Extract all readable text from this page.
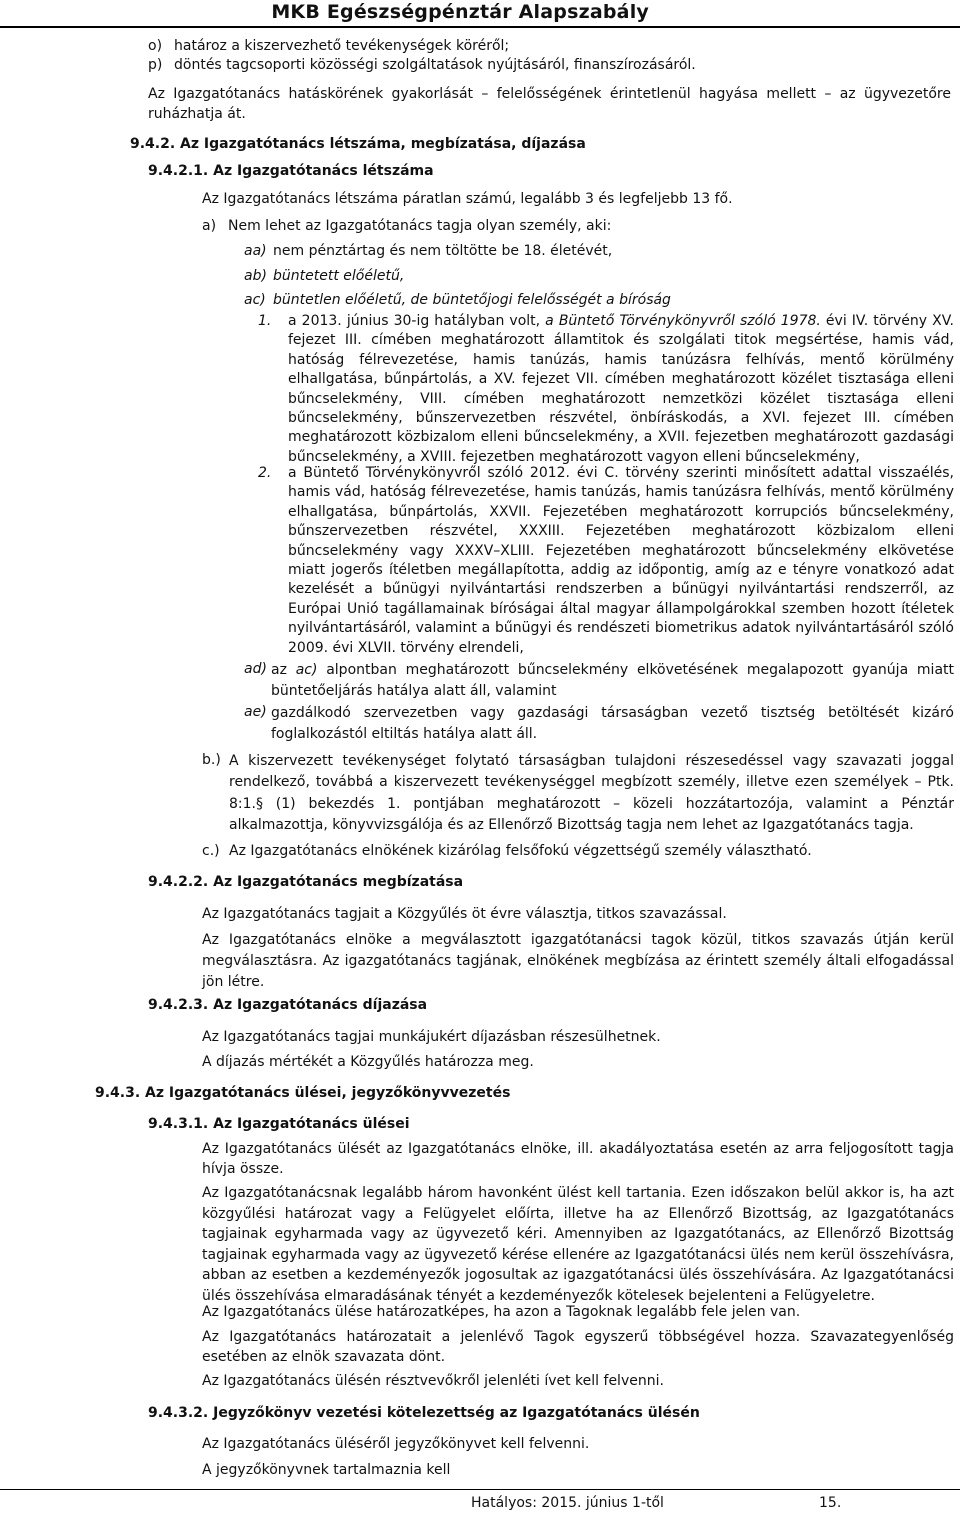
MKB Egészségpénztár Alapszabály
o) határoz a kiszervezhető tevékenységek köréről;
p) döntés tagcsoporti közösségi szolgáltatások nyújtásáról, finanszírozásáról.

Az Igazgatótanács hatáskörének gyakorlását – felelősségének érintetlenül hagyása mellett – az ügyvezetőre ruházhatja át.

9.4.2. Az Igazgatótanács létszáma, megbízatása, díjazása
9.4.2.1. Az Igazgatótanács létszáma

Az Igazgatótanács létszáma páratlan számú, legalább 3 és legfeljebb 13 fő.

a) Nem lehet az Igazgatótanács tagja olyan személy, aki:
aa) nem pénztártag és nem töltötte be 18. életévét,
ab) büntetett előéletű,
ac) büntetlen előéletű, de büntetőjogi felelősségét a bíróság
1. a 2013. június 30-ig hatályban volt, a Büntető Törvénykönyvről szóló 1978. évi IV. törvény XV. fejezet III. címében meghatározott államtitok és szolgálati titok megsértése, hamis vád, hatóság félrevezetése, hamis tanúzás, hamis tanúzásra felhívás, mentő körülmény elhallgatása, bűnpártolás, a XV. fejezet VII. címében meghatározott közélet tisztasága elleni bűncselekmény, VIII. címében meghatározott nemzetközi közélet tisztasága elleni bűncselekmény, bűnszervezetben részvétel, önbíráskodás, a XVI. fejezet III. címében meghatározott közbizalom elleni bűncselekmény, a XVII. fejezetben meghatározott gazdasági bűncselekmény, a XVIII. fejezetben meghatározott vagyon elleni bűncselekmény,

2. a Büntető Törvénykönyvről szóló 2012. évi C. törvény szerinti minősített adattal visszaélés, hamis vád, hatóság félrevezetése, hamis tanúzás, hamis tanúzásra felhívás, mentő körülmény elhallgatása, bűnpártolás, XXVII. Fejezetében meghatározott korrupciós bűncselekmény, bűnszervezetben részvétel, XXXIII. Fejezetében meghatározott közbizalom elleni bűncselekmény vagy XXXV–XLIII. Fejezetében meghatározott bűncselekmény elkövetése miatt jogerős ítéletben megállapította, addig az időpontig, amíg az e tényre vonatkozó adat kezelését a bűnügyi nyilvántartási rendszerben a bűnügyi nyilvántartási rendszerről, az Európai Unió tagállamainak bíróságai által magyar állampolgárokkal szemben hozott ítéletek nyilvántartásáról, valamint a bűnügyi és rendészeti biometrikus adatok nyilvántartásáról szóló 2009. évi XLVII. törvény elrendeli,

ad) az ac) alpontban meghatározott bűncselekmény elkövetésének megalapozott gyanúja miatt büntetőeljárás hatálya alatt áll, valamint

ae) gazdálkodó szervezetben vagy gazdasági társaságban vezető tisztség betöltését kizáró foglalkozástól eltiltás hatálya alatt áll.

b.) A kiszervezett tevékenységet folytató társaságban tulajdoni részesedéssel vagy szavazati joggal rendelkező, továbbá a kiszervezett tevékenységgel megbízott személy, illetve ezen személyek – Ptk. 8:1.§ (1) bekezdés 1. pontjában meghatározott – közeli hozzátartozója, valamint a Pénztár alkalmazottja, könyvvizsgálója és az Ellenőrző Bizottság tagja nem lehet az Igazgatótanács tagja.

c.) Az Igazgatótanács elnökének kizárólag felsőfokú végzettségű személy választható.
9.4.2.2. Az Igazgatótanács megbízatása

Az Igazgatótanács tagjait a Közgyűlés öt évre választja, titkos szavazással.

Az Igazgatótanács elnöke a megválasztott igazgatótanácsi tagok közül, titkos szavazás útján kerül megválasztásra. Az igazgatótanács tagjának, elnökének megbízása az érintett személy általi elfogadással jön létre.

9.4.2.3. Az Igazgatótanács díjazása

Az Igazgatótanács tagjai munkájukért díjazásban részesülhetnek.

A díjazás mértékét a Közgyűlés határozza meg.

9.4.3. Az Igazgatótanács ülései, jegyzőkönyvvezetés
9.4.3.1. Az Igazgatótanács ülései

Az Igazgatótanács ülését az Igazgatótanács elnöke, ill. akadályoztatása esetén az arra feljogosított tagja hívja össze.

Az Igazgatótanácsnak legalább három havonként ülést kell tartania. Ezen időszakon belül akkor is, ha azt közgyűlési határozat vagy a Felügyelet előírta, illetve ha az Ellenőrző Bizottság, az Igazgatótanács tagjainak egyharmada vagy az ügyvezető kéri. Amennyiben az Igazgatótanács, az Ellenőrző Bizottság tagjainak egyharmada vagy az ügyvezető kérése ellenére az Igazgatótanácsi ülés nem kerül összehívásra, abban az esetben a kezdeményezők jogosultak az igazgatótanácsi ülés összehívására. Az Igazgatótanácsi ülés összehívása elmaradásának tényét a kezdeményezők kötelesek bejelenteni a Felügyeletre.

Az Igazgatótanács ülése határozatképes, ha azon a Tagoknak legalább fele jelen van.

Az Igazgatótanács határozatait a jelenlévő Tagok egyszerű többségével hozza. Szavazategyenlőség esetében az elnök szavazata dönt.

Az Igazgatótanács ülésén résztvevőkről jelenléti ívet kell felvenni.

9.4.3.2. Jegyzőkönyv vezetési kötelezettség az Igazgatótanács ülésén

Az Igazgatótanács üléséről jegyzőkönyvet kell felvenni.

A jegyzőkönyvnek tartalmaznia kell

Hatályos: 2015. június 1-től	15.
